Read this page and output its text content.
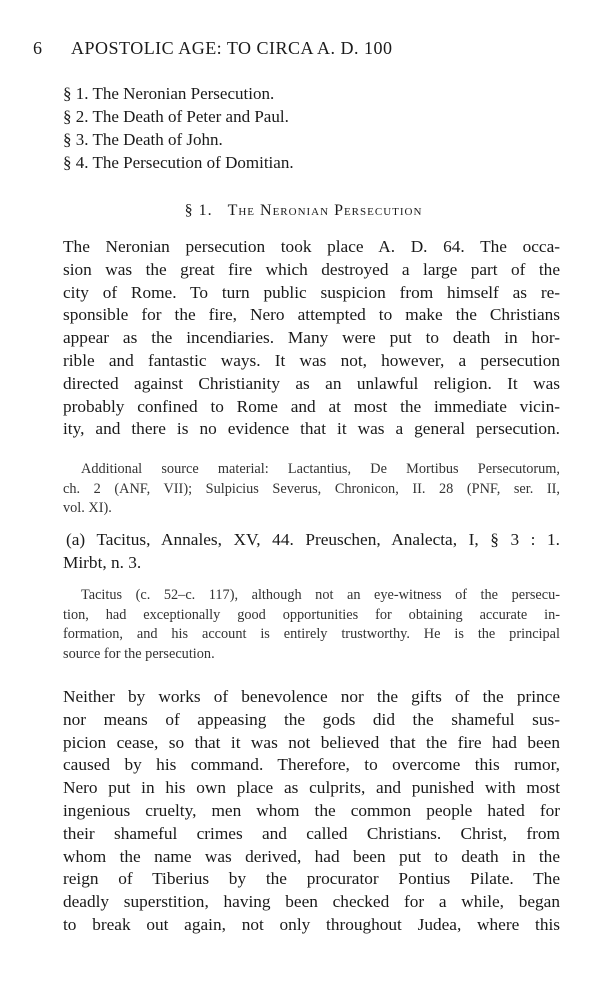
6 APOSTOLIC AGE: TO CIRCA A. D. 100
§ 1. The Neronian Persecution.
§ 2. The Death of Peter and Paul.
§ 3. The Death of John.
§ 4. The Persecution of Domitian.
§ 1. The Neronian Persecution
The Neronian persecution took place A. D. 64. The occa-
sion was the great fire which destroyed a large part of the
city of Rome. To turn public suspicion from himself as re-
sponsible for the fire, Nero attempted to make the Christians
appear as the incendiaries. Many were put to death in hor-
rible and fantastic ways. It was not, however, a persecution
directed against Christianity as an unlawful religion. It was
probably confined to Rome and at most the immediate vicin-
ity, and there is no evidence that it was a general persecution.
Additional source material: Lactantius, De Mortibus Persecutorum,
ch. 2 (ANF, VII); Sulpicius Severus, Chronicon, II. 28 (PNF, ser. II,
vol. XI).
(a) Tacitus, Annales, XV, 44. Preuschen, Analecta, I, § 3 : 1.
Mirbt, n. 3.
Tacitus (c. 52–c. 117), although not an eye-witness of the persecu-
tion, had exceptionally good opportunities for obtaining accurate in-
formation, and his account is entirely trustworthy. He is the principal
source for the persecution.
Neither by works of benevolence nor the gifts of the prince
nor means of appeasing the gods did the shameful sus-
picion cease, so that it was not believed that the fire had been
caused by his command. Therefore, to overcome this rumor,
Nero put in his own place as culprits, and punished with most
ingenious cruelty, men whom the common people hated for
their shameful crimes and called Christians. Christ, from
whom the name was derived, had been put to death in the
reign of Tiberius by the procurator Pontius Pilate. The
deadly superstition, having been checked for a while, began
to break out again, not only throughout Judea, where this
